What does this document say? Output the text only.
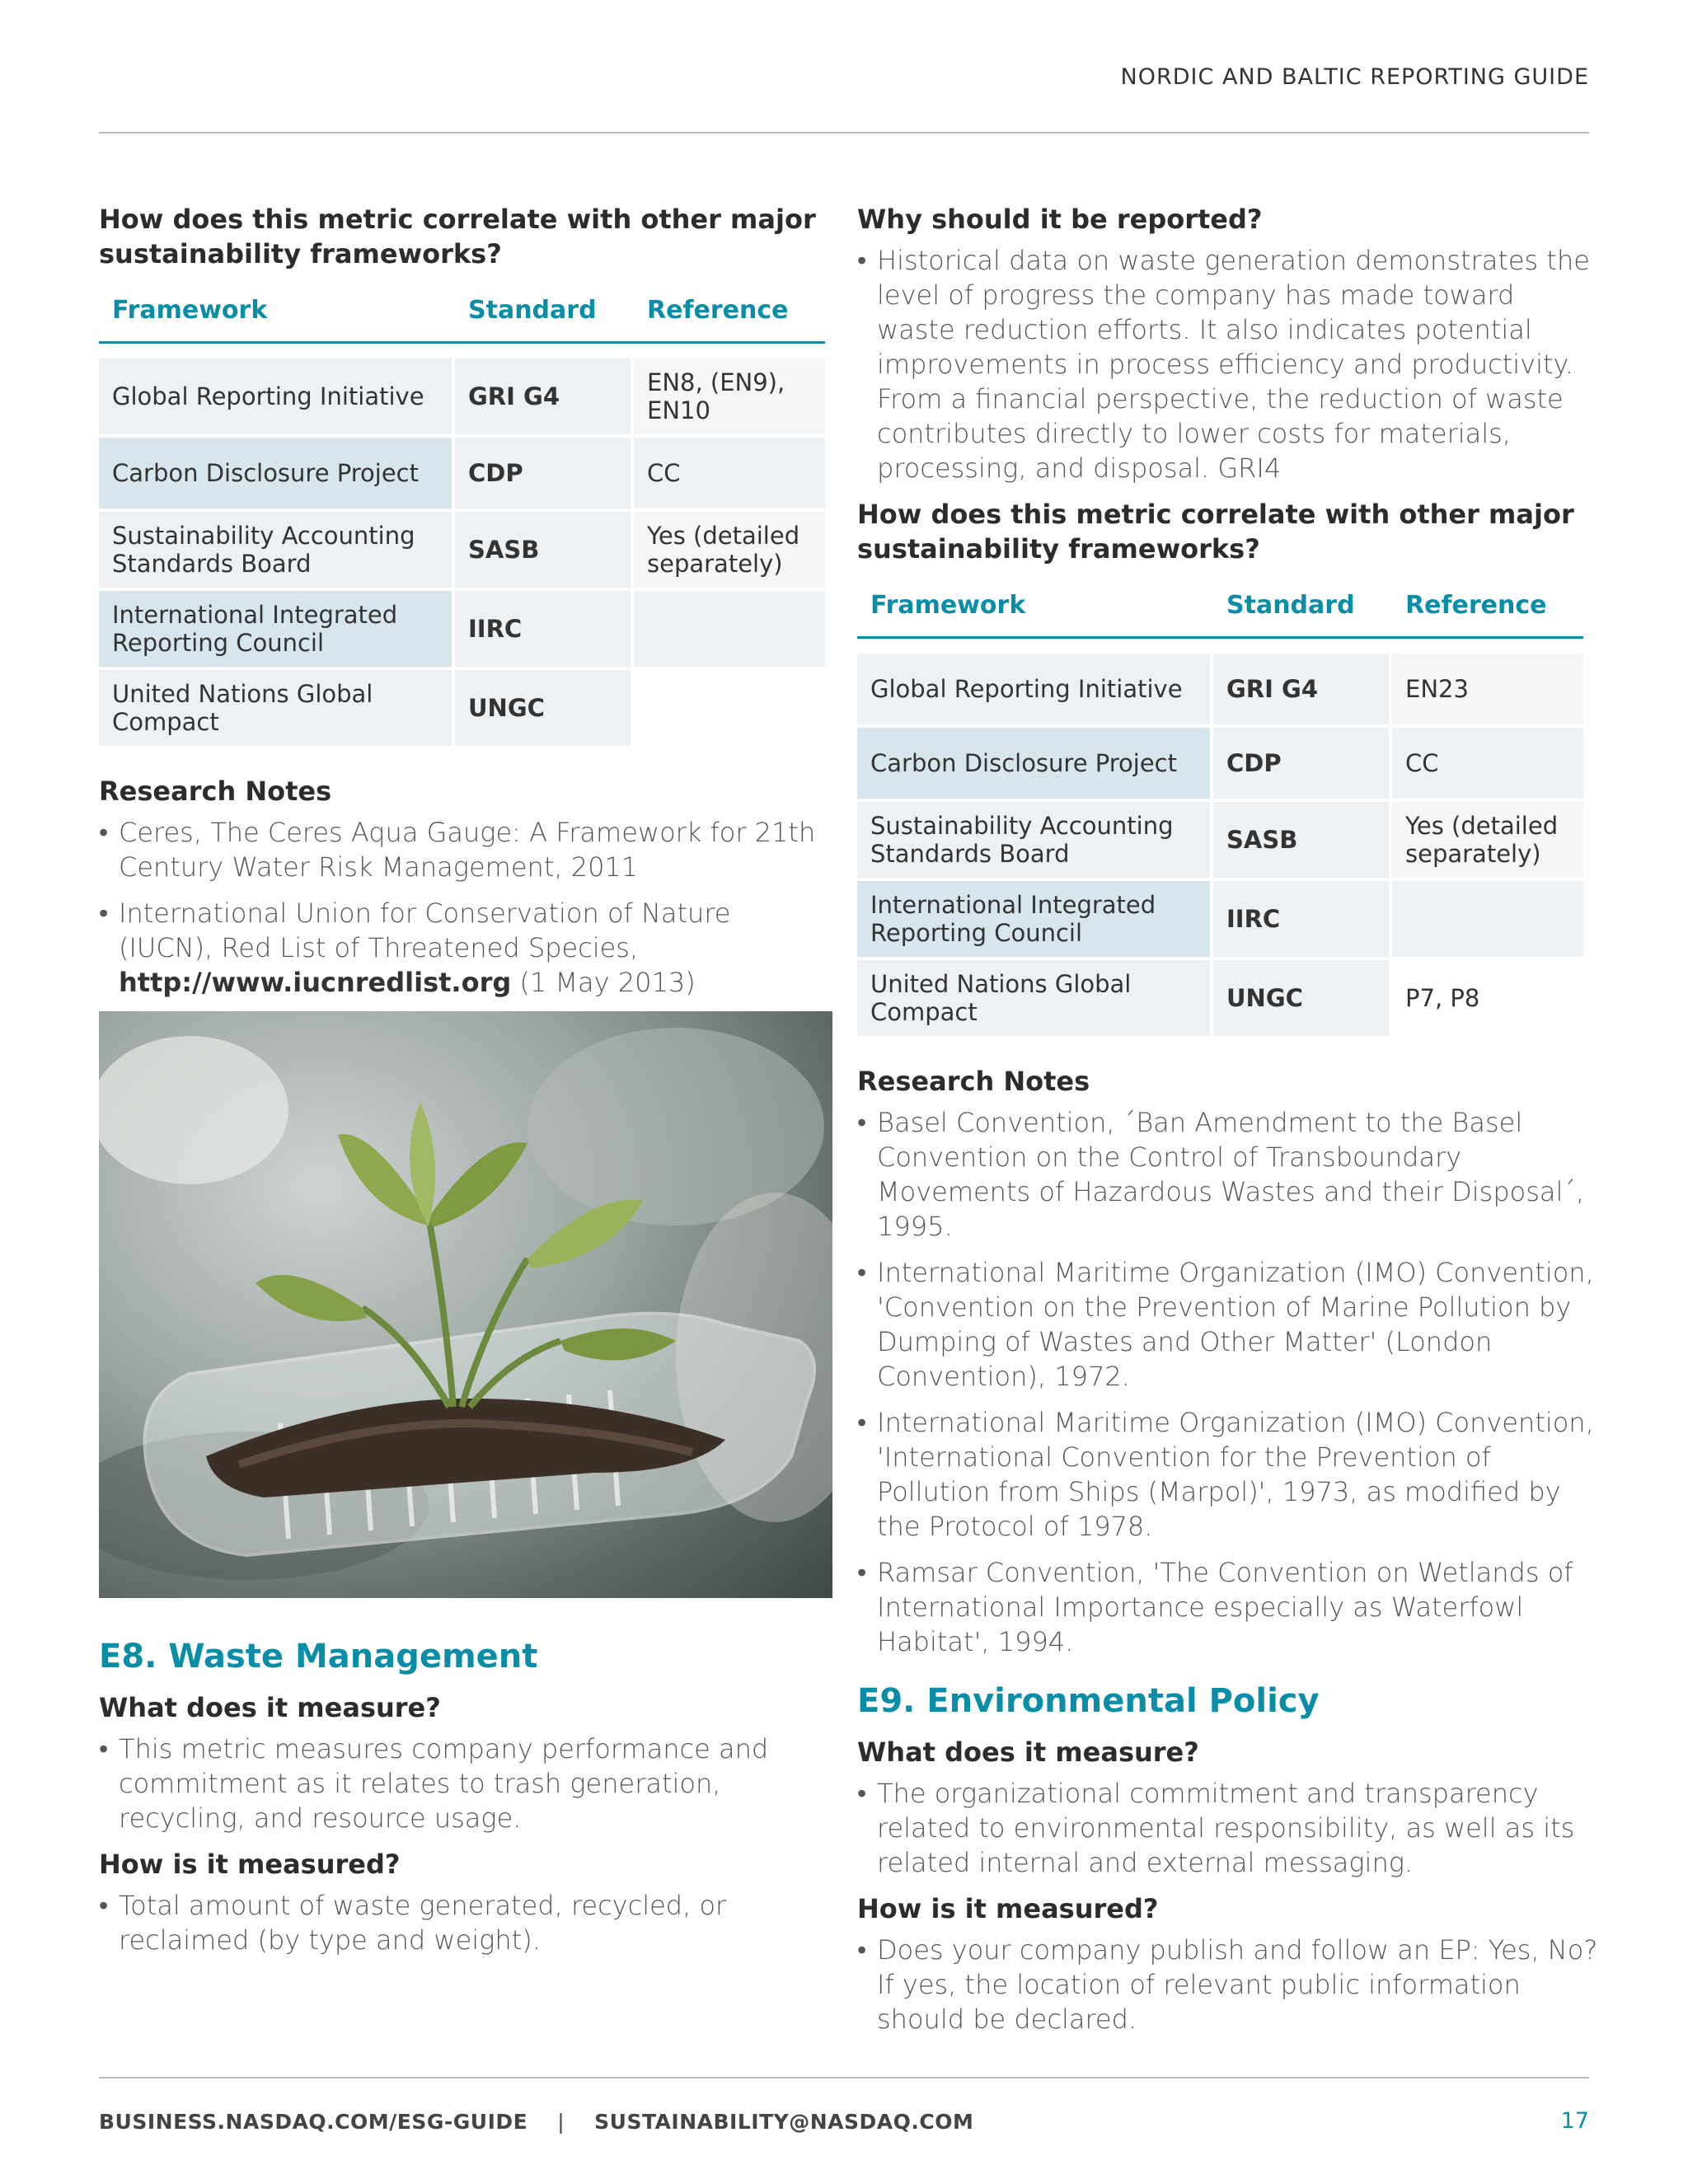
NORDIC AND BALTIC REPORTING GUIDE

How does this metric correlate with other major sustainability frameworks?

Framework	Standard	Reference

Global Reporting Initiative	GRI G4	EN8, (EN9), EN10
Carbon Disclosure Project	CDP	CC
Sustainability Accounting Standards Board	SASB	Yes (detailed separately)
International Integrated Reporting Council	IIRC	
United Nations Global Compact	UNGC	

Research Notes

• Ceres, The Ceres Aqua Gauge: A Framework for 21th Century Water Risk Management, 2011
• International Union for Conservation of Nature (IUCN), Red List of Threatened Species, http://www.iucnredlist.org (1 May 2013)

E8. Waste Management

What does it measure?

• This metric measures company performance and commitment as it relates to trash generation, recycling, and resource usage.

How is it measured?

• Total amount of waste generated, recycled, or reclaimed (by type and weight).

Why should it be reported?

• Historical data on waste generation demonstrates the level of progress the company has made toward waste reduction efforts. It also indicates potential improvements in process efficiency and productivity. From a financial perspective, the reduction of waste contributes directly to lower costs for materials, processing, and disposal. GRI4

How does this metric correlate with other major sustainability frameworks?

Framework	Standard	Reference

Global Reporting Initiative	GRI G4	EN23
Carbon Disclosure Project	CDP	CC
Sustainability Accounting Standards Board	SASB	Yes (detailed separately)
International Integrated Reporting Council	IIRC	
United Nations Global Compact	UNGC	P7, P8

Research Notes

• Basel Convention, ´Ban Amendment to the Basel Convention on the Control of Transboundary Movements of Hazardous Wastes and their Disposal´, 1995.
• International Maritime Organization (IMO) Convention, 'Convention on the Prevention of Marine Pollution by Dumping of Wastes and Other Matter' (London Convention), 1972.
• International Maritime Organization (IMO) Convention, 'International Convention for the Prevention of Pollution from Ships (Marpol)', 1973, as modified by the Protocol of 1978.
• Ramsar Convention, 'The Convention on Wetlands of International Importance especially as Waterfowl Habitat', 1994.

E9. Environmental Policy

What does it measure?

• The organizational commitment and transparency related to environmental responsibility, as well as its related internal and external messaging.

How is it measured?

• Does your company publish and follow an EP: Yes, No? If yes, the location of relevant public information should be declared.
BUSINESS.NASDAQ.COM/ESG-GUIDE | SUSTAINABILITY@NASDAQ.COM	17
